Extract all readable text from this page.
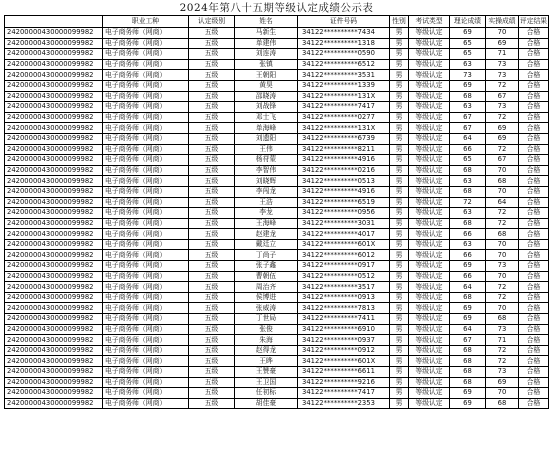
2024年第八十五期等级认定成绩公示表
	职业工种	认定级别	姓名	证件号码	性别	考试类型	理论成绩	实操成绩	评定结果
24200000430000099982	电子商务师（网商）	五级	马新生	34122**********7434	男	等级认定	69	70	合格
24200000430000099982	电子商务师（网商）	五级	单建伟	34122**********1318	男	等级认定	65	69	合格
24200000430000099982	电子商务师（网商）	五级	刘连涛	34122**********0590	男	等级认定	65	71	合格
24200000430000099982	电子商务师（网商）	五级	张镇	34122**********6512	男	等级认定	63	73	合格
24200000430000099982	电子商务师（网商）	五级	王朝阳	34122**********3531	男	等级认定	73	73	合格
24200000430000099982	电子商务师（网商）	五级	黄昊	34122**********1339	男	等级认定	69	72	合格
24200000430000099982	电子商务师（网商）	五级	邵晓涛	34122**********131X	男	等级认定	68	67	合格
24200000430000099982	电子商务师（网商）	五级	刘战锋	34122**********7417	男	等级认定	63	73	合格
24200000430000099982	电子商务师（网商）	五级	邓士飞	34122**********0277	男	等级认定	67	72	合格
24200000430000099982	电子商务师（网商）	五级	单海峰	34122**********131X	男	等级认定	67	69	合格
24200000430000099982	电子商务师（网商）	五级	刘遗阳	34122**********6739	男	等级认定	64	69	合格
24200000430000099982	电子商务师（网商）	五级	王伟	34122**********8211	男	等级认定	66	72	合格
24200000430000099982	电子商务师（网商）	五级	杨苻蒙	34122**********4916	男	等级认定	65	67	合格
24200000430000099982	电子商务师（网商）	五级	李智伟	34122**********0216	男	等级认定	68	70	合格
24200000430000099982	电子商务师（网商）	五级	刘晓辉	34122**********0513	男	等级认定	63	68	合格
24200000430000099982	电子商务师（网商）	五级	李闯龙	34122**********4916	男	等级认定	68	70	合格
24200000430000099982	电子商务师（网商）	五级	王浩	34122**********6519	男	等级认定	72	64	合格
24200000430000099982	电子商务师（网商）	五级	李龙	34122**********0956	男	等级认定	63	72	合格
24200000430000099982	电子商务师（网商）	五级	王海峰	34122**********3031	男	等级认定	68	72	合格
24200000430000099982	电子商务师（网商）	五级	赵建龙	34122**********4017	男	等级认定	66	68	合格
24200000430000099982	电子商务师（网商）	五级	戴廷立	34122**********601X	男	等级认定	63	70	合格
24200000430000099982	电子商务师（网商）	五级	丁尚子	34122**********6012	男	等级认定	66	70	合格
24200000430000099982	电子商务师（网商）	五级	张子鑫	34122**********0917	男	等级认定	69	73	合格
24200000430000099982	电子商务师（网商）	五级	曹朝伍	34122**********0512	男	等级认定	66	70	合格
24200000430000099982	电子商务师（网商）	五级	周治齐	34122**********3517	男	等级认定	64	72	合格
24200000430000099982	电子商务师（网商）	五级	侯博进	34122**********0913	男	等级认定	68	72	合格
24200000430000099982	电子商务师（网商）	五级	张威涛	34122**********7813	男	等级认定	69	70	合格
24200000430000099982	电子商务师（网商）	五级	丁世局	34122**********7411	男	等级认定	69	68	合格
24200000430000099982	电子商务师（网商）	五级	张俊	34122**********6910	男	等级认定	64	73	合格
24200000430000099982	电子商务师（网商）	五级	朱海	34122**********0937	男	等级认定	67	71	合格
24200000430000099982	电子商务师（网商）	五级	赵得龙	34122**********0912	男	等级认定	68	72	合格
24200000430000099982	电子商务师（网商）	五级	王晔	34122**********601X	男	等级认定	68	72	合格
24200000430000099982	电子商务师（网商）	五级	王赞豪	34122**********6611	男	等级认定	68	73	合格
24200000430000099982	电子商务师（网商）	五级	王卫国	34122**********9216	男	等级认定	68	69	合格
24200000430000099982	电子商务师（网商）	五级	任初标	34122**********7417	男	等级认定	69	70	合格
24200000430000099982	电子商务师（网商）	五级	胡佳豪	34122**********2353	男	等级认定	69	68	合格
